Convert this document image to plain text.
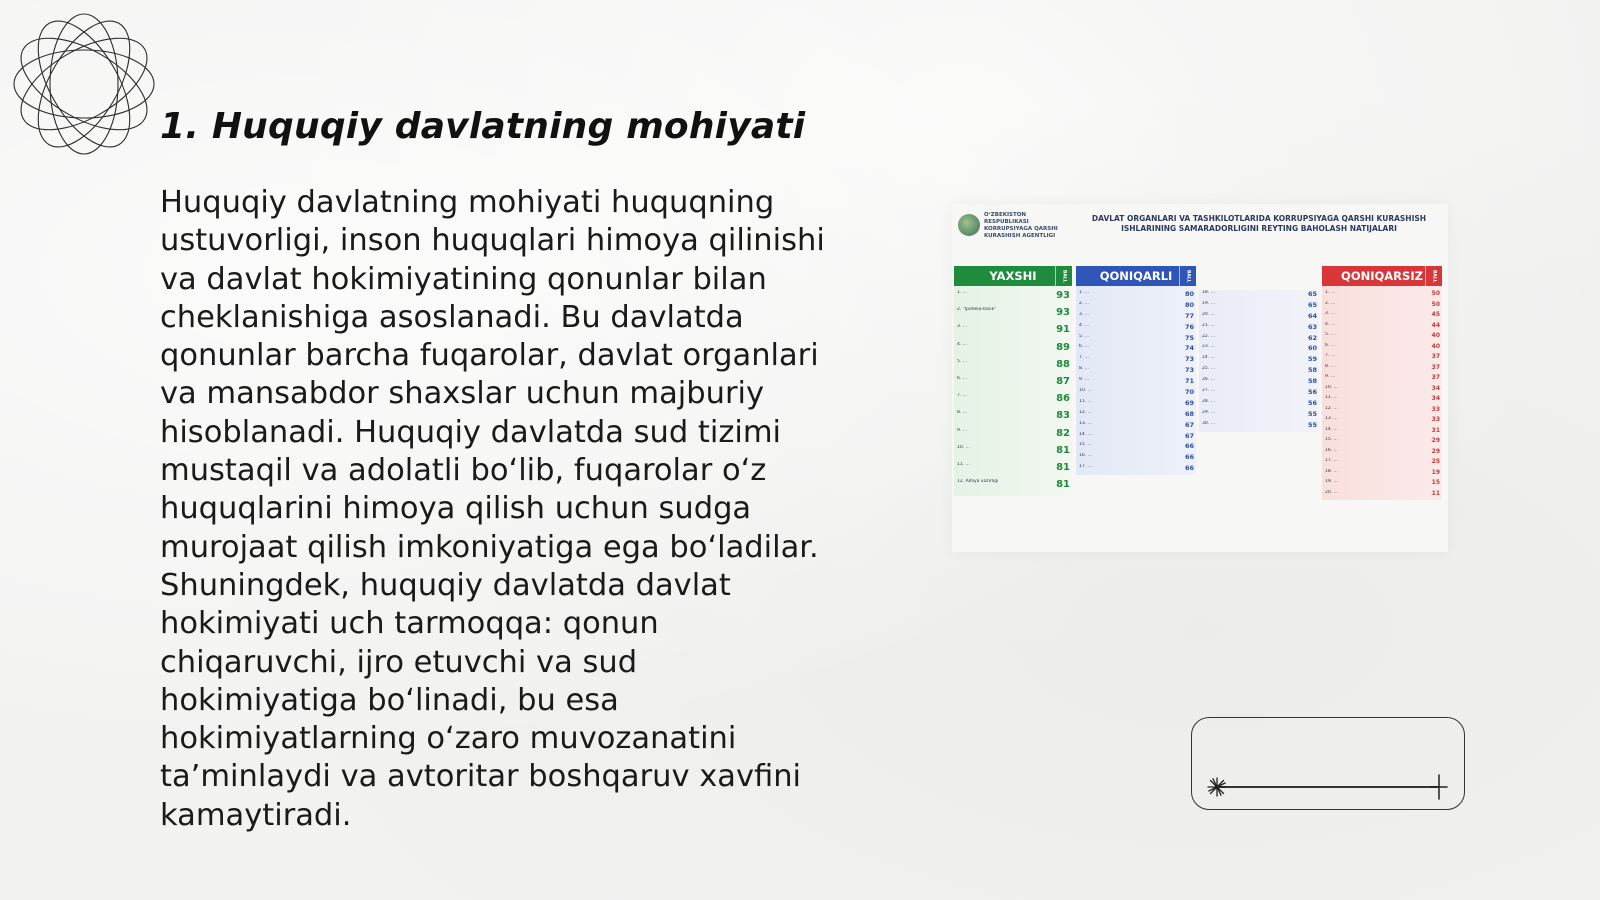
1. Huquqiy davlatning mohiyati

Huquqiy davlatning mohiyati huquqning ustuvorligi, inson huquqlari himoya qilinishi va davlat hokimiyatining qonunlar bilan cheklanishiga asoslanadi. Bu davlatda qonunlar barcha fuqarolar, davlat organlari va mansabdor shaxslar uchun majburiy hisoblanadi. Huquqiy davlatda sud tizimi mustaqil va adolatli boʻlib, fuqarolar oʻz huquqlarini himoya qilish uchun sudga murojaat qilish imkoniyatiga ega boʻladilar. Shuningdek, huquqiy davlatda davlat hokimiyati uch tarmoqqa: qonun chiqaruvchi, ijro etuvchi va sud hokimiyatiga boʻlinadi, bu esa hokimiyatlarning oʻzaro muvozanatini taʼminlaydi va avtoritar boshqaruv xavfini kamaytiradi.

OʻZBEKISTON RESPUBLIKASI KORRUPSIYAGA QARSHI KURASHISH AGENTLIGI
DAVLAT ORGANLARI VA TASHKILOTLARIDA KORRUPSIYAGA QARSHI KURASHISH ISHLARINING SAMARADORLIGINI REYTING BAHOLASH NATIJALARI
YAXSHI	BALL
1. ...	93
2. "Ipoteka-bank"	93
3. ...	91
4. ...	89
5. ...	88
6. ...	87
7. ...	86
8. ...	83
9. ...	82
10. ...	81
11. ...	81
12. Adliya vazirligi	81
QONIQARLI	BALL
1. ...	80
2. ...	80
3. ...	77
4. ...	76
5. ...	75
6. ...	74
7. ...	73
8. ...	73
9. ...	71
10. ...	70
11. ...	69
12. ...	68
13. ...	67
14. ...	67
15. ...	66
16. ...	66
17. ...	66
18. ...	65
19. ...	65
20. ...	64
21. ...	63
22. ...	62
23. ...	60
24. ...	59
25. ...	58
26. ...	58
27. ...	56
28. ...	56
29. ...	55
30. ...	55
QONIQARSIZ	BALL
1. ...	50
2. ...	50
3. ...	45
4. ...	44
5. ...	40
6. ...	40
7. ...	37
8. ...	37
9. ...	37
10. ...	34
11. ...	34
12. ...	33
13. ...	33
14. ...	31
15. ...	29
16. ...	29
17. ...	25
18. ...	19
19. ...	15
20. ...	11
